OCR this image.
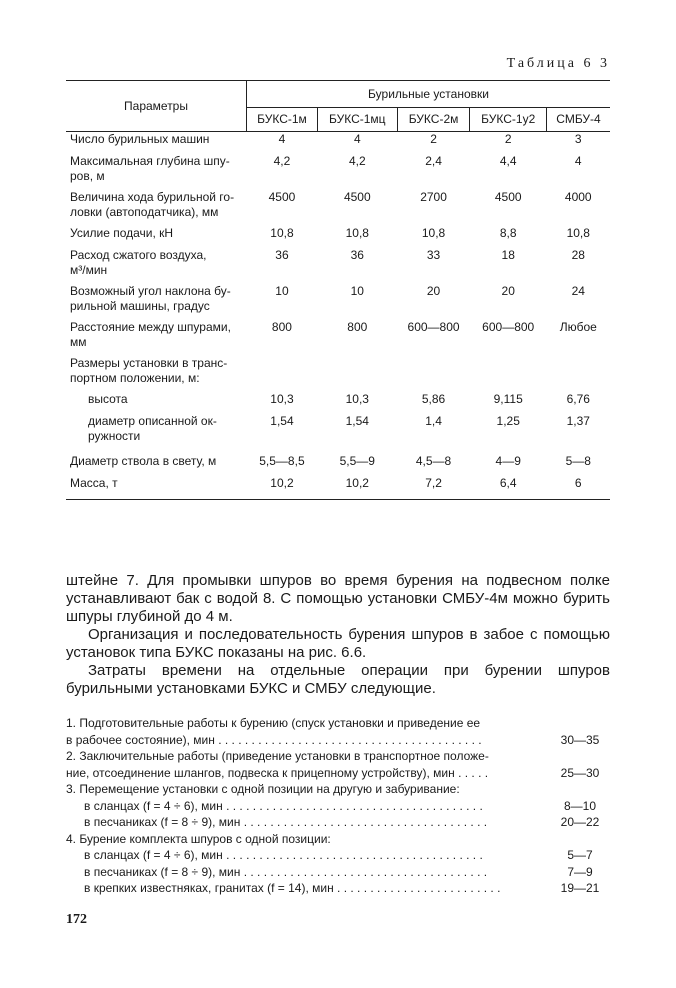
Таблица 6 3
Параметры	Бурильные установки				
	БУКС-1м	БУКС-1мц	БУКС-2м	БУКС-1у2	СМБУ-4

Число бурильных машин	4	4	2	2	3

Максимальная глубина шпу-
ров, м	4,2	4,2	2,4	4,4	4

Величина хода бурильной го-
ловки (автоподатчика), мм	4500	4500	2700	4500	4000

Усилие подачи, кН	10,8	10,8	10,8	8,8	10,8

Расход сжатого воздуха,
м³/мин	36	36	33	18	28

Возможный угол наклона бу-
рильной машины, градус	10	10	20	20	24

Расстояние между шпурами,
мм	800	800	600—800	600—800	Любое

Размеры установки в транс-
портном положении, м:					

высота	10,3	10,3	5,86	9,115	6,76

диаметр описанной ок-
ружности	1,54	1,54	1,4	1,25	1,37

Диаметр ствола в свету, м	5,5—8,5	5,5—9	4,5—8	4—9	5—8

Масса, т	10,2	10,2	7,2	6,4	6

штейне 7. Для промывки шпуров во время бурения на подвесном полке устанавливают бак с водой 8. С помощью установки СМБУ-4м можно бурить шпуры глубиной до 4 м.

Организация и последовательность бурения шпуров в забое с помощью установок типа БУКС показаны на рис. 6.6.

Затраты времени на отдельные операции при бурении шпуров бурильными установками БУКС и СМБУ следующие.

1. Подготовительные работы к бурению (спуск установки и приведение ее
в рабочее состояние), мин . . . . . . . . . . . . . . . . . . . . . . . . . . . . . . . . . . . . . . . .	30—35
2. Заключительные работы (приведение установки в транспортное положе-
ние, отсоединение шлангов, подвеска к прицепному устройству), мин . . . . .	25—30
3. Перемещение установки с одной позиции на другую и забуривание:
в сланцах (f = 4 ÷ 6), мин . . . . . . . . . . . . . . . . . . . . . . . . . . . . . . . . . . . . . . .	8—10
в песчаниках (f = 8 ÷ 9), мин . . . . . . . . . . . . . . . . . . . . . . . . . . . . . . . . . . . . .	20—22
4. Бурение комплекта шпуров с одной позиции:
в сланцах (f = 4 ÷ 6), мин . . . . . . . . . . . . . . . . . . . . . . . . . . . . . . . . . . . . . . .	5—7
в песчаниках (f = 8 ÷ 9), мин . . . . . . . . . . . . . . . . . . . . . . . . . . . . . . . . . . . . .	7—9
в крепких известняках, гранитах (f = 14), мин . . . . . . . . . . . . . . . . . . . . . . . . .	19—21
172
